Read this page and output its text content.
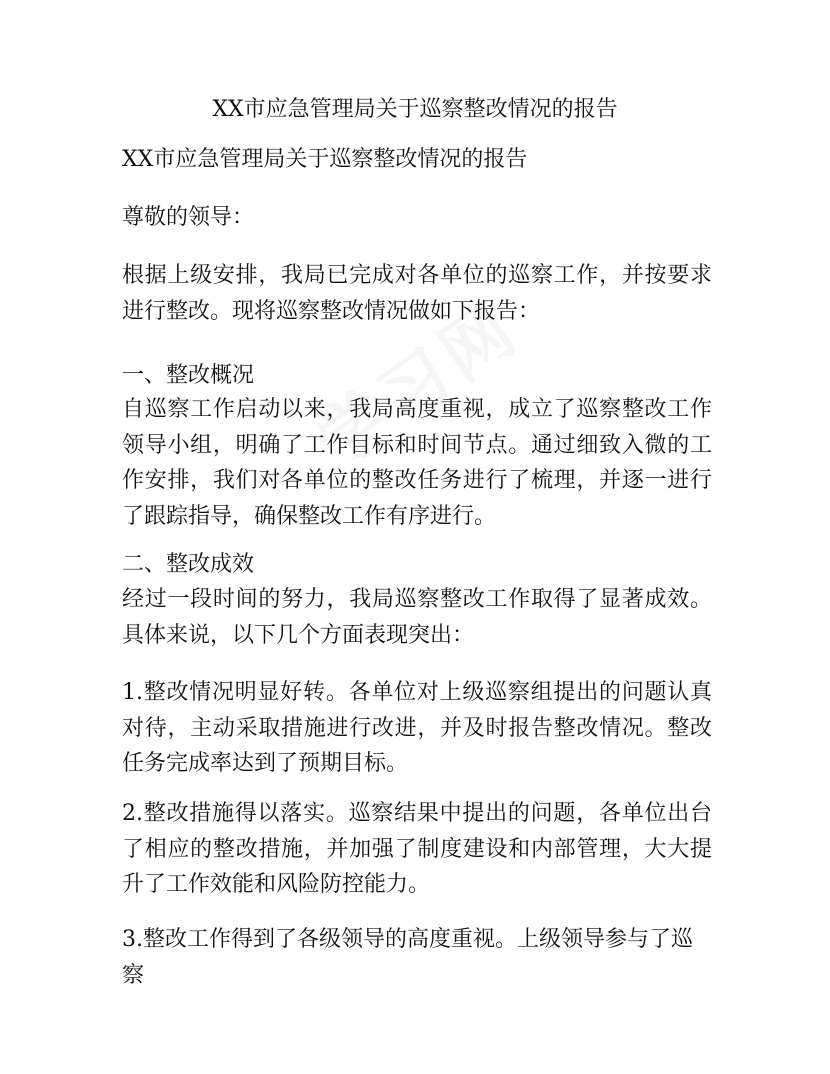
XX市应急管理局关于巡察整改情况的报告

XX市应急管理局关于巡察整改情况的报告

尊敬的领导：

根据上级安排，我局已完成对各单位的巡察工作，并按要求进行整改。现将巡察整改情况做如下报告：

一、整改概况

自巡察工作启动以来，我局高度重视，成立了巡察整改工作领导小组，明确了工作目标和时间节点。通过细致入微的工作安排，我们对各单位的整改任务进行了梳理，并逐一进行了跟踪指导，确保整改工作有序进行。

二、整改成效

经过一段时间的努力，我局巡察整改工作取得了显著成效。具体来说，以下几个方面表现突出：

1.整改情况明显好转。各单位对上级巡察组提出的问题认真对待，主动采取措施进行改进，并及时报告整改情况。整改任务完成率达到了预期目标。

2.整改措施得以落实。巡察结果中提出的问题，各单位出台了相应的整改措施，并加强了制度建设和内部管理，大大提升了工作效能和风险防控能力。

3.整改工作得到了各级领导的高度重视。上级领导参与了巡察
